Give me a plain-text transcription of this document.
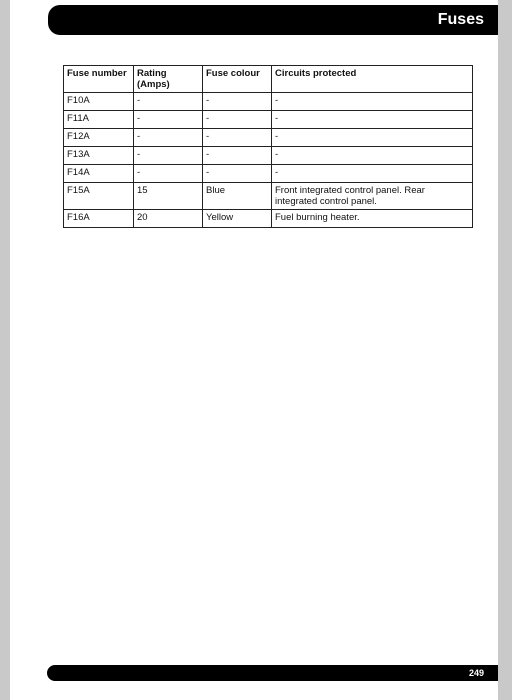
Fuses
Fuse number	Rating (Amps)	Fuse colour	Circuits protected
F10A	-	-	-
F11A	-	-	-
F12A	-	-	-
F13A	-	-	-
F14A	-	-	-
F15A	15	Blue	Front integrated control panel. Rear integrated control panel.
F16A	20	Yellow	Fuel burning heater.
249
